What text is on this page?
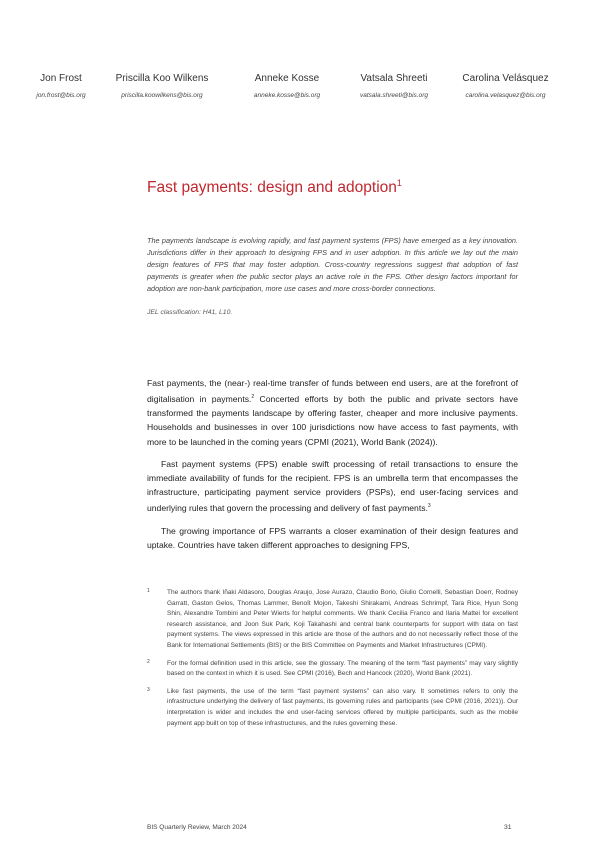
Jon Frost
jon.frost@bis.org
Priscilla Koo Wilkens
priscilla.koowilkens@bis.org
Anneke Kosse
anneke.kosse@bis.org
Vatsala Shreeti
vatsala.shreeti@bis.org
Carolina Velásquez
carolina.velasquez@bis.org
Fast payments: design and adoption$^1$

The payments landscape is evolving rapidly, and fast payment systems (FPS) have emerged as a key innovation. Jurisdictions differ in their approach to designing FPS and in user adoption. In this article we lay out the main design features of FPS that may foster adoption. Cross-country regressions suggest that adoption of fast payments is greater when the public sector plays an active role in the FPS. Other design factors important for adoption are non-bank participation, more use cases and more cross-border connections.

JEL classification: H41, L10.

Fast payments, the (near-) real-time transfer of funds between end users, are at the forefront of digitalisation in payments.$^2$ Concerted efforts by both the public and private sectors have transformed the payments landscape by offering faster, cheaper and more inclusive payments. Households and businesses in over 100 jurisdictions now have access to fast payments, with more to be launched in the coming years (CPMI (2021), World Bank (2024)).

Fast payment systems (FPS) enable swift processing of retail transactions to ensure the immediate availability of funds for the recipient. FPS is an umbrella term that encompasses the infrastructure, participating payment service providers (PSPs), end user-facing services and underlying rules that govern the processing and delivery of fast payments.$^3$

The growing importance of FPS warrants a closer examination of their design features and uptake. Countries have taken different approaches to designing FPS,

1	The authors thank Iñaki Aldasoro, Douglas Araujo, Jose Aurazo, Claudio Borio, Giulio Cornelli, Sebastian Doerr, Rodney Garratt, Gaston Gelos, Thomas Lammer, Benoît Mojon, Takeshi Shirakami, Andreas Schrimpf, Tara Rice, Hyun Song Shin, Alexandre Tombini and Peter Wierts for helpful comments. We thank Cecilia Franco and Ilaria Mattei for excellent research assistance, and Joon Suk Park, Koji Takahashi and central bank counterparts for support with data on fast payment systems. The views expressed in this article are those of the authors and do not necessarily reflect those of the Bank for International Settlements (BIS) or the BIS Committee on Payments and Market Infrastructures (CPMI).
2	For the formal definition used in this article, see the glossary. The meaning of the term “fast payments” may vary slightly based on the context in which it is used. See CPMI (2016), Bech and Hancock (2020), World Bank (2021).
3	Like fast payments, the use of the term “fast payment systems” can also vary. It sometimes refers to only the infrastructure underlying the delivery of fast payments, its governing rules and participants (see CPMI (2016, 2021)). Our interpretation is wider and includes the end user-facing services offered by multiple participants, such as the mobile payment app built on top of these infrastructures, and the rules governing these.
BIS Quarterly Review, March 2024	31
